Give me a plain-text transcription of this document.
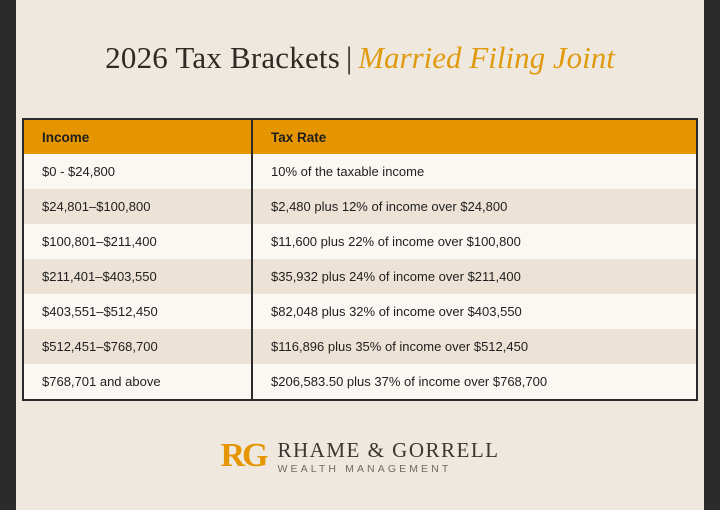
2026 Tax Brackets | Married Filing Joint
Income	Tax Rate
$0 - $24,800	10% of the taxable income
$24,801–$100,800	$2,480 plus 12% of income over $24,800
$100,801–$211,400	$11,600 plus 22% of income over $100,800
$211,401–$403,550	$35,932 plus 24% of income over $211,400
$403,551–$512,450	$82,048 plus 32% of income over $403,550
$512,451–$768,700	$116,896 plus 35% of income over $512,450
$768,701 and above	$206,583.50 plus 37% of income over $768,700
RG RHAME & GORRELL
WEALTH MANAGEMENT
